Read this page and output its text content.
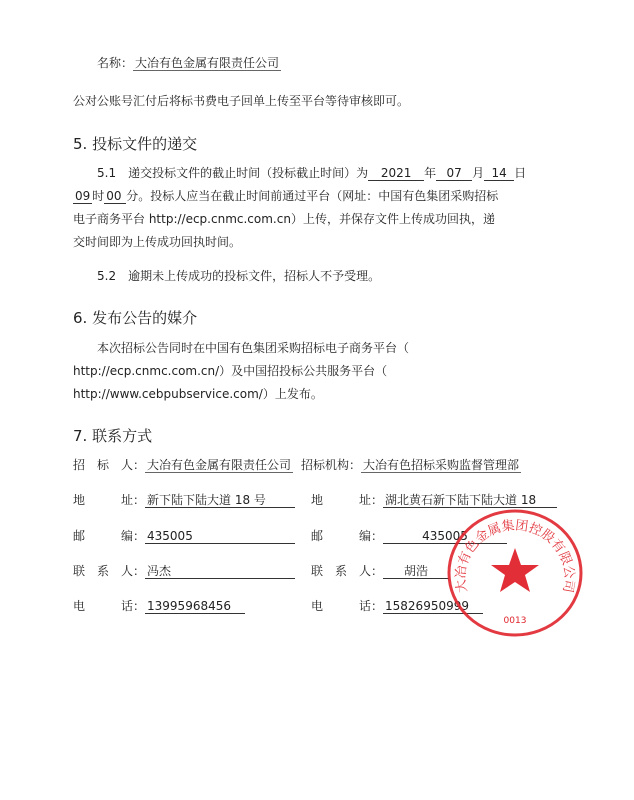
名称： 大冶有色金属有限责任公司
公对公账号汇付后将标书费电子回单上传至平台等待审核即可。
5. 投标文件的递交
5.1　递交投标文件的截止时间（投标截止时间）为 2021 年 07 月 14 日
09 时 00 分。投标人应当在截止时间前通过平台（网址：中国有色集团采购招标
电子商务平台 http://ecp.cnmc.com.cn）上传，并保存文件上传成功回执，递
交时间即为上传成功回执时间。
5.2　逾期未上传成功的投标文件，招标人不予受理。
6. 发布公告的媒介
本次招标公告同时在中国有色集团采购招标电子商务平台（
http://ecp.cnmc.com.cn/）及中国招投标公共服务平台（
http://www.cebpubservice.com/）上发布。
7. 联系方式
招　标　人： 大冶有色金属有限责任公司 招标机构： 大冶有色招标采购监督管理部
地　　　址： 新下陆下陆大道 18 号	地　　　址： 湖北黄石新下陆下陆大道 18
邮　　　编： 435005	邮　　　编：	435005
联　系　人： 冯杰	联　系　人： 胡浩
电　　　话： 13995968456	电　　　话： 15826950999
大冶有色金属集团控股有限公司
0013
